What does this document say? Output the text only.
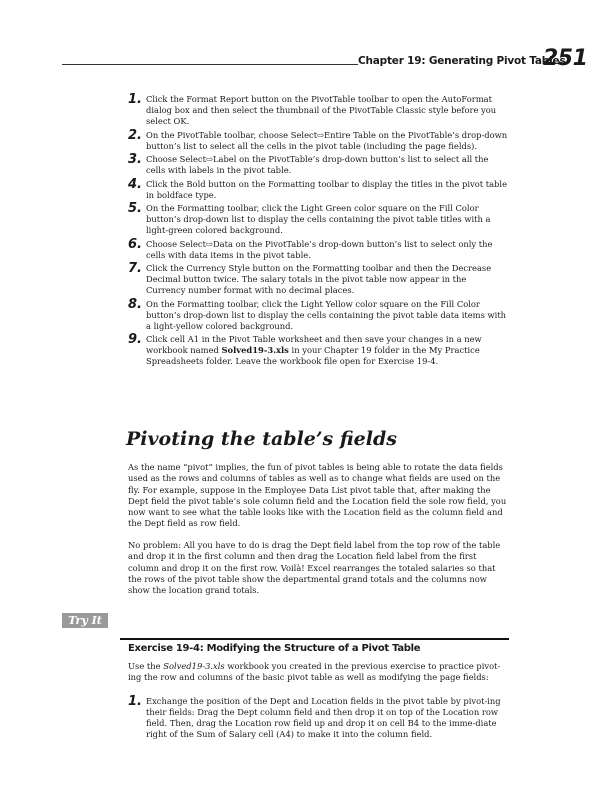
Chapter 19: Generating Pivot Tables
251
1. Click the Format Report button on the PivotTable toolbar to open the AutoFormat dialog box and then select the thumbnail of the PivotTable Classic style before you select OK.
2. On the PivotTable toolbar, choose Select⇨Entire Table on the PivotTable’s drop-down button’s list to select all the cells in the pivot table (including the page fields).
3. Choose Select⇨Label on the PivotTable’s drop-down button’s list to select all the cells with labels in the pivot table.
4. Click the Bold button on the Formatting toolbar to display the titles in the pivot table in boldface type.
5. On the Formatting toolbar, click the Light Green color square on the Fill Color button’s drop-down list to display the cells containing the pivot table titles with a light-green colored background.
6. Choose Select⇨Data on the PivotTable’s drop-down button’s list to select only the cells with data items in the pivot table.
7. Click the Currency Style button on the Formatting toolbar and then the Decrease Decimal button twice. The salary totals in the pivot table now appear in the Currency number format with no decimal places.
8. On the Formatting toolbar, click the Light Yellow color square on the Fill Color button’s drop-down list to display the cells containing the pivot table data items with a light-yellow colored background.
9. Click cell A1 in the Pivot Table worksheet and then save your changes in a new workbook named Solved19-3.xls in your Chapter 19 folder in the My Practice Spreadsheets folder. Leave the workbook file open for Exercise 19-4.
Pivoting the table’s fields

As the name “pivot” implies, the fun of pivot tables is being able to rotate the data fields used as the rows and columns of tables as well as to change what fields are used on the fly. For example, suppose in the Employee Data List pivot table that, after making the Dept field the pivot table’s sole column field and the Location field the sole row field, you now want to see what the table looks like with the Location field as the column field and the Dept field as row field.

No problem: All you have to do is drag the Dept field label from the top row of the table and drop it in the first column and then drag the Location field label from the first column and drop it on the first row. Voilà! Excel rearranges the totaled salaries so that the rows of the pivot table show the departmental grand totals and the columns now show the location grand totals.

Try It
Exercise 19-4: Modifying the Structure of a Pivot Table

Use the Solved19-3.xls workbook you created in the previous exercise to practice pivot-ing the row and columns of the basic pivot table as well as modifying the page fields:

1. Exchange the position of the Dept and Location fields in the pivot table by pivot-ing their fields: Drag the Dept column field and then drop it on top of the Location row field. Then, drag the Location row field up and drop it on cell B4 to the imme-diate right of the Sum of Salary cell (A4) to make it into the column field.
